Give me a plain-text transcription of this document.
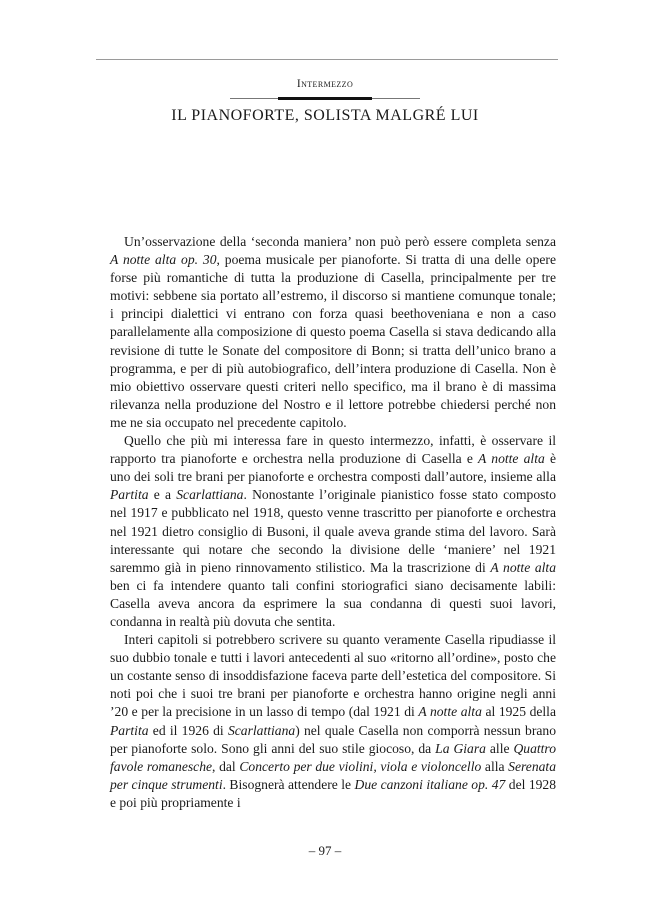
Intermezzo
IL PIANOFORTE, SOLISTA MALGRÉ LUI

Un’osservazione della ‘seconda maniera’ non può però essere completa senza A notte alta op. 30, poema musicale per pianoforte. Si tratta di una delle opere forse più romantiche di tutta la produzione di Casella, principalmente per tre motivi: sebbene sia portato all’estremo, il discorso si mantiene comunque tonale; i principi dialettici vi entrano con forza quasi beethoveniana e non a caso parallelamente alla composizione di questo poema Casella si stava dedicando alla revisione di tutte le Sonate del compositore di Bonn; si tratta dell’unico brano a programma, e per di più autobiografico, dell’intera produzione di Casella. Non è mio obiettivo osservare questi criteri nello specifico, ma il brano è di massima rilevanza nella produzione del Nostro e il lettore potrebbe chiedersi perché non me ne sia occupato nel precedente capitolo.

Quello che più mi interessa fare in questo intermezzo, infatti, è osservare il rapporto tra pianoforte e orchestra nella produzione di Casella e A notte alta è uno dei soli tre brani per pianoforte e orchestra composti dall’autore, insieme alla Partita e a Scarlattiana. Nonostante l’originale pianistico fosse stato composto nel 1917 e pubblicato nel 1918, questo venne trascritto per pianoforte e orchestra nel 1921 dietro consiglio di Busoni, il quale aveva grande stima del lavoro. Sarà interessante qui notare che secondo la divisione delle ‘maniere’ nel 1921 saremmo già in pieno rinnovamento stilistico. Ma la trascrizione di A notte alta ben ci fa intendere quanto tali confini storiografici siano decisamente labili: Casella aveva ancora da esprimere la sua condanna di questi suoi lavori, condanna in realtà più dovuta che sentita.

Interi capitoli si potrebbero scrivere su quanto veramente Casella ripudiasse il suo dubbio tonale e tutti i lavori antecedenti al suo «ritorno all’ordine», posto che un costante senso di insoddisfazione faceva parte dell’estetica del compositore. Si noti poi che i suoi tre brani per pianoforte e orchestra hanno origine negli anni ’20 e per la precisione in un lasso di tempo (dal 1921 di A notte alta al 1925 della Partita ed il 1926 di Scarlattiana) nel quale Casella non comporrà nessun brano per pianoforte solo. Sono gli anni del suo stile giocoso, da La Giara alle Quattro favole romanesche, dal Concerto per due violini, viola e violoncello alla Serenata per cinque strumenti. Bisognerà attendere le Due canzoni italiane op. 47 del 1928 e poi più propriamente i

– 97 –
